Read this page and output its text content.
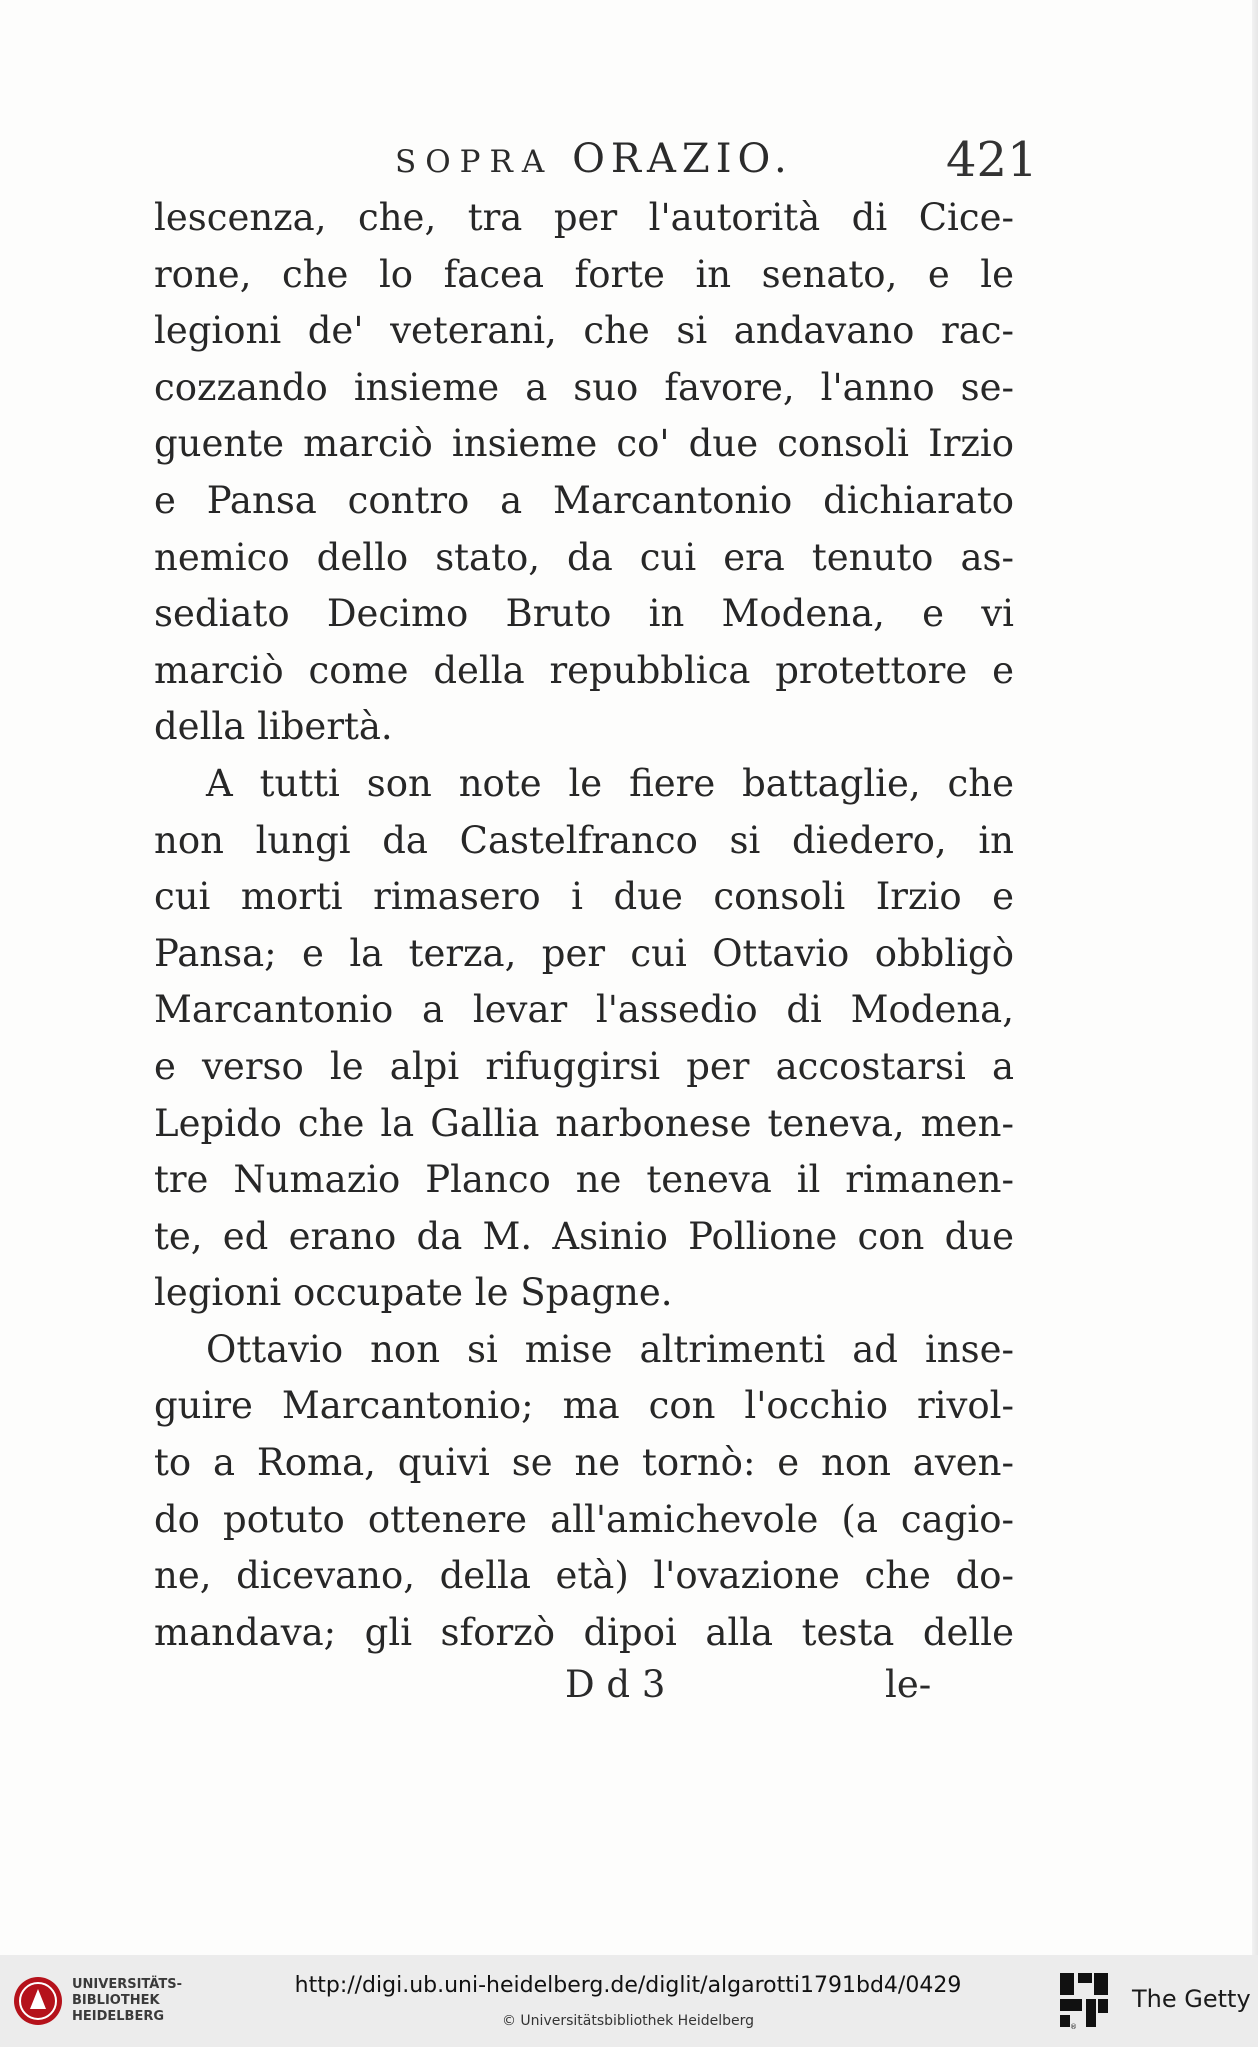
SOPRA ORAZIO.	421
lescenza, che, tra per l'autorità di Cice-
rone, che lo facea forte in senato, e le
legioni de' veterani, che si andavano rac-
cozzando insieme a suo favore, l'anno se-
guente marciò insieme co' due consoli Irzio
e Pansa contro a Marcantonio dichiarato
nemico dello stato, da cui era tenuto as-
sediato Decimo Bruto in Modena, e vi
marciò come della repubblica protettore e
della libertà.
A tutti son note le fiere battaglie, che
non lungi da Castelfranco si diedero, in
cui morti rimasero i due consoli Irzio e
Pansa; e la terza, per cui Ottavio obbligò
Marcantonio a levar l'assedio di Modena,
e verso le alpi rifuggirsi per accostarsi a
Lepido che la Gallia narbonese teneva, men-
tre Numazio Planco ne teneva il rimanen-
te, ed erano da M. Asinio Pollione con due
legioni occupate le Spagne.
Ottavio non si mise altrimenti ad inse-
guire Marcantonio; ma con l'occhio rivol-
to a Roma, quivi se ne tornò: e non aven-
do potuto ottenere all'amichevole (a cagio-
ne, dicevano, della età) l'ovazione che do-
mandava; gli sforzò dipoi alla testa delle
D d 3	le-
UNIVERSITÄTS-
BIBLIOTHEK
HEIDELBERG
http://digi.ub.uni-heidelberg.de/diglit/algarotti1791bd4/0429
© Universitätsbibliothek Heidelberg	®
The Getty
